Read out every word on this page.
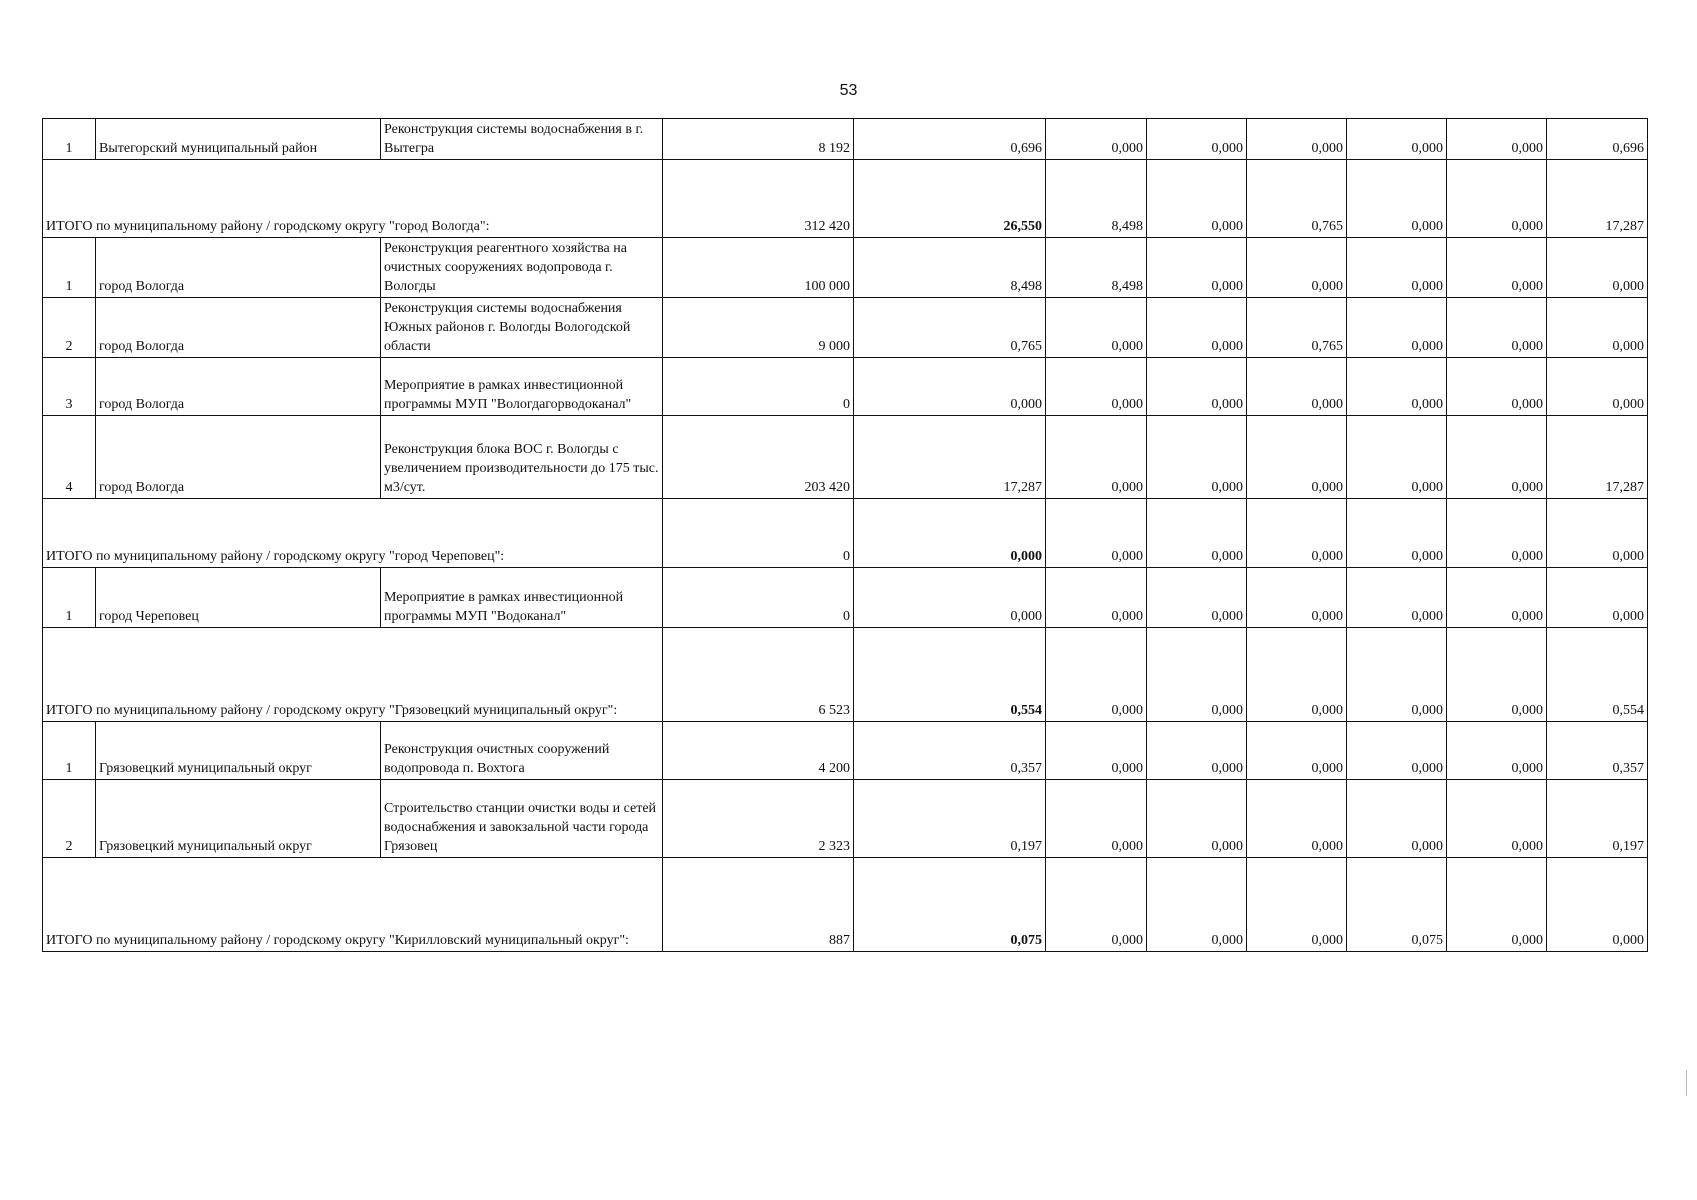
53
1	Вытегорский муниципальный район	Реконструкция системы водоснабжения в г. Вытегра	8 192	0,696	0,000	0,000	0,000	0,000	0,000	0,696
ИТОГО по муниципальному району / городскому округу "город Вологда":			312 420	26,550	8,498	0,000	0,765	0,000	0,000	17,287
1	город Вологда	Реконструкция реагентного хозяйства на очистных сооружениях водопровода г. Вологды	100 000	8,498	8,498	0,000	0,000	0,000	0,000	0,000
2	город Вологда	Реконструкция системы водоснабжения Южных районов г. Вологды Вологодской области	9 000	0,765	0,000	0,000	0,765	0,000	0,000	0,000
3	город Вологда	Мероприятие в рамках инвестиционной программы МУП "Вологдагорводоканал"	0	0,000	0,000	0,000	0,000	0,000	0,000	0,000
4	город Вологда	Реконструкция блока ВОС г. Вологды с увеличением производительности до 175 тыс. м3/сут.	203 420	17,287	0,000	0,000	0,000	0,000	0,000	17,287
ИТОГО по муниципальному району / городскому округу "город Череповец":			0	0,000	0,000	0,000	0,000	0,000	0,000	0,000
1	город Череповец	Мероприятие в рамках инвестиционной программы МУП "Водоканал"	0	0,000	0,000	0,000	0,000	0,000	0,000	0,000
ИТОГО по муниципальному району / городскому округу "Грязовецкий муниципальный округ":			6 523	0,554	0,000	0,000	0,000	0,000	0,000	0,554
1	Грязовецкий муниципальный округ	Реконструкция очистных сооружений водопровода п. Вохтога	4 200	0,357	0,000	0,000	0,000	0,000	0,000	0,357
2	Грязовецкий муниципальный округ	Строительство станции очистки воды и сетей водоснабжения и завокзальной части города Грязовец	2 323	0,197	0,000	0,000	0,000	0,000	0,000	0,197
ИТОГО по муниципальному району / городскому округу "Кирилловский муниципальный округ":			887	0,075	0,000	0,000	0,000	0,075	0,000	0,000
